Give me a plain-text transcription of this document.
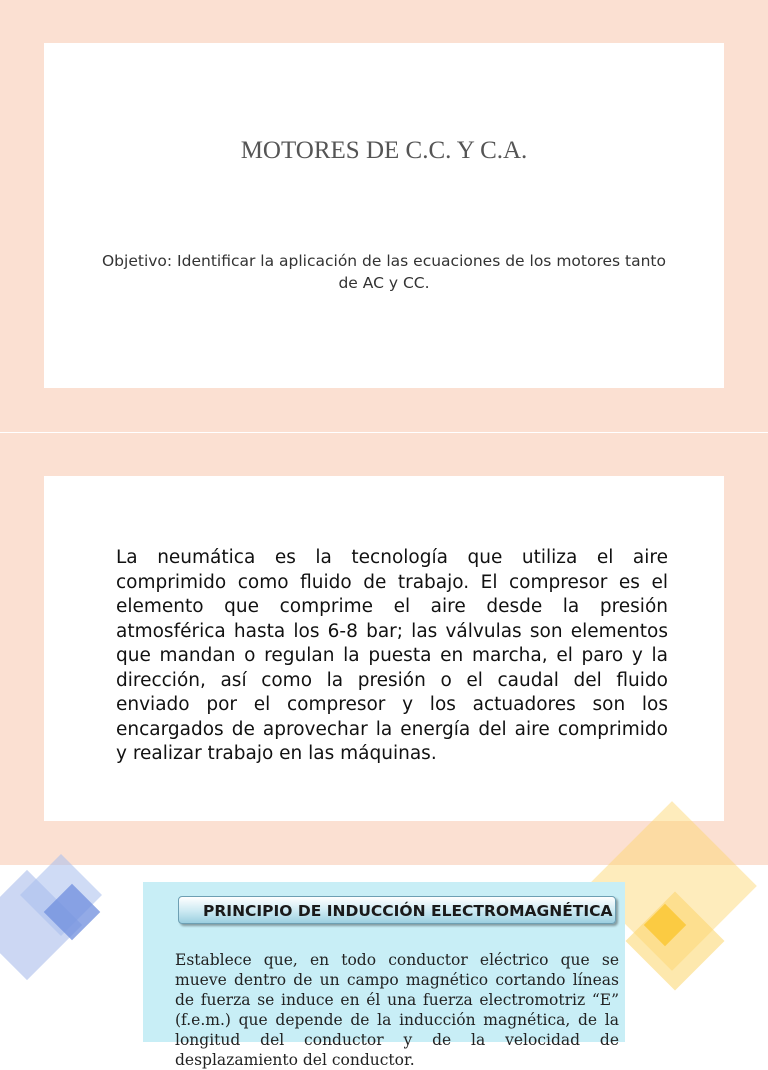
MOTORES DE C.C. Y C.A.
Objetivo: Identificar la aplicación de las ecuaciones de los motores tanto de AC y CC.
La neumática es la tecnología que utiliza el aire comprimido como fluido de trabajo. El compresor es el elemento que comprime el aire desde la presión atmosférica hasta los 6-8 bar; las válvulas son elementos que mandan o regulan la puesta en marcha, el paro y la dirección, así como la presión o el caudal del fluido enviado por el compresor y los actuadores son los encargados de aprovechar la energía del aire comprimido y realizar trabajo en las máquinas.
PRINCIPIO DE INDUCCIÓN ELECTROMAGNÉTICA
Establece que, en todo conductor eléctrico que se mueve dentro de un campo magnético cortando líneas de fuerza se induce en él una fuerza electromotriz “E” (f.e.m.) que depende de la inducción magnética, de la longitud del conductor y de la velocidad de desplazamiento del conductor.
